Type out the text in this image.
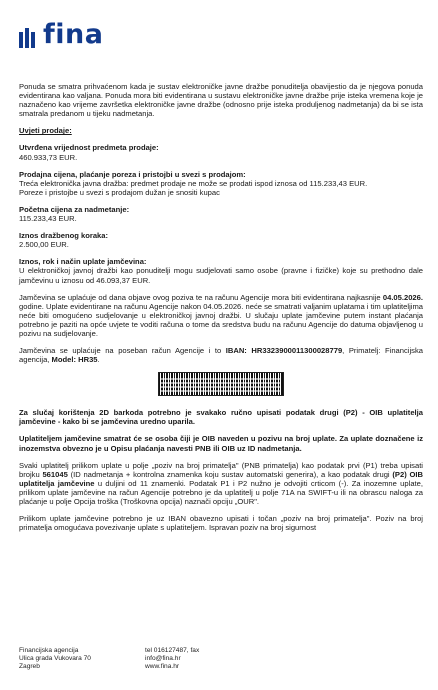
fina

Ponuda se smatra prihvaćenom kada je sustav elektroničke javne dražbe ponuditelja obavijestio da je njegova ponuda evidentirana kao valjana. Ponuda mora biti evidentirana u sustavu elektroničke javne dražbe prije isteka vremena koje je naznačeno kao vrijeme završetka elektroničke javne dražbe (odnosno prije isteka produljenog nadmetanja) da bi se ista smatrala predanom u tijeku nadmetanja.

Uvjeti prodaje:

Utvrđena vrijednost predmeta prodaje:
460.933,73 EUR.
Prodajna cijena, plaćanje poreza i pristojbi u svezi s prodajom:
Treća elektronička javna dražba: predmet prodaje ne može se prodati ispod iznosa od 115.233,43 EUR.
Poreze i pristojbe u svezi s prodajom dužan je snositi kupac
Početna cijena za nadmetanje:
115.233,43 EUR.
Iznos dražbenog koraka:
2.500,00 EUR.
Iznos, rok i način uplate jamčevina:
U elektroničkoj javnoj dražbi kao ponuditelji mogu sudjelovati samo osobe (pravne i fizičke) koje su prethodno dale jamčevinu u iznosu od 46.093,37 EUR.

Jamčevina se uplaćuje od dana objave ovog poziva te na računu Agencije mora biti evidentirana najkasnije 04.05.2026. godine. Uplate evidentirane na računu Agencije nakon 04.05.2026. neće se smatrati valjanim uplatama i tim uplatiteljima neće biti omogućeno sudjelovanje u elektroničkoj javnoj dražbi. U slučaju uplate jamčevine putem instant plaćanja potrebno je paziti na opće uvjete te voditi računa o tome da sredstva budu na računu Agencije do datuma objavljenog u pozivu na sudjelovanje.

Jamčevina se uplaćuje na poseban račun Agencije i to IBAN: HR3323900011300028779, Primatelj: Financijska agencija, Model: HR35.

Za slučaj korištenja 2D barkoda potrebno je svakako ručno upisati podatak drugi (P2) - OIB uplatitelja jamčevine - kako bi se jamčevina uredno uparila.

Uplatiteljem jamčevine smatrat će se osoba čiji je OIB naveden u pozivu na broj uplate. Za uplate doznačene iz inozemstva obvezno je u Opisu plaćanja navesti PNB ili OIB uz ID nadmetanja.

Svaki uplatitelj prilikom uplate u polje „poziv na broj primatelja" (PNB primatelja) kao podatak prvi (P1) treba upisati brojku 561045 (ID nadmetanja + kontrolna znamenka koju sustav automatski generira), a kao podatak drugi (P2) OIB uplatitelja jamčevine u duljini od 11 znamenki. Podatak P1 i P2 nužno je odvojiti crticom (-). Za inozemne uplate, prilikom uplate jamčevine na račun Agencije potrebno je da uplatitelj u polje 71A na SWIFT-u ili na obrascu naloga za plaćanje u polje Opcija troška (Troškovna opcija) naznači opciju „OUR".

Prilikom uplate jamčevine potrebno je uz IBAN obavezno upisati i točan „poziv na broj primatelja". Poziv na broj primatelja omogućava povezivanje uplate s uplatiteljem. Ispravan poziv na broj sigurnost

Financijska agencija
Ulica grada Vukovara 70
Zagreb
tel 016127487, fax
info@fina.hr
www.fina.hr
